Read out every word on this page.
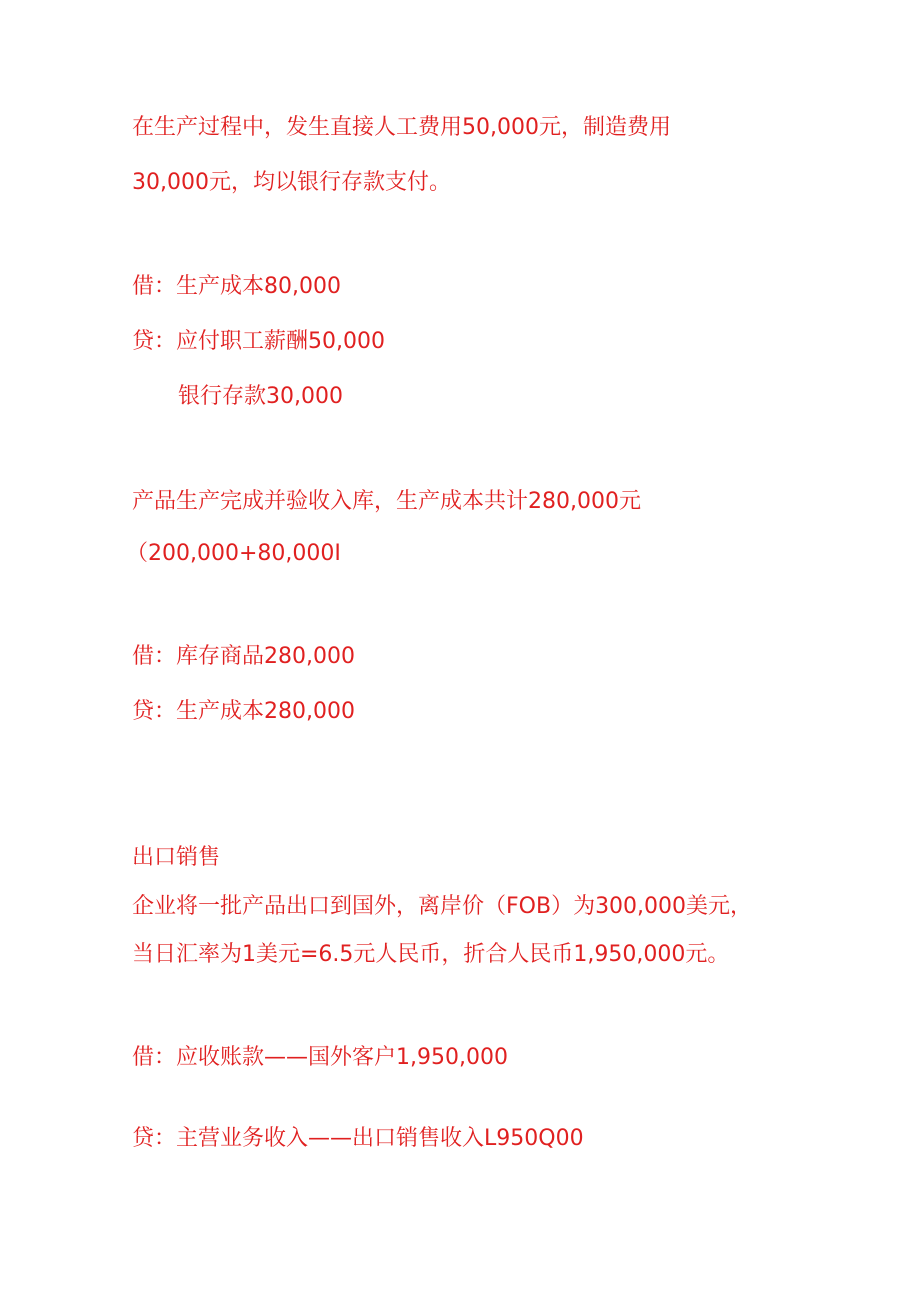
在生产过程中，发生直接人工费用50,000元，制造费用

30,000元，均以银行存款支付。

借：生产成本80,000

贷：应付职工薪酬50,000

银行存款30,000

产品生产完成并验收入库，生产成本共计280,000元

（200,000+80,000I

借：库存商品280,000

贷：生产成本280,000

出口销售

企业将一批产品出口到国外，离岸价（FOB）为300,000美元，

当日汇率为1美元=6.5元人民币，折合人民币1,950,000元。

借：应收账款——国外客户1,950,000

贷：主营业务收入——出口销售收入L950Q00
